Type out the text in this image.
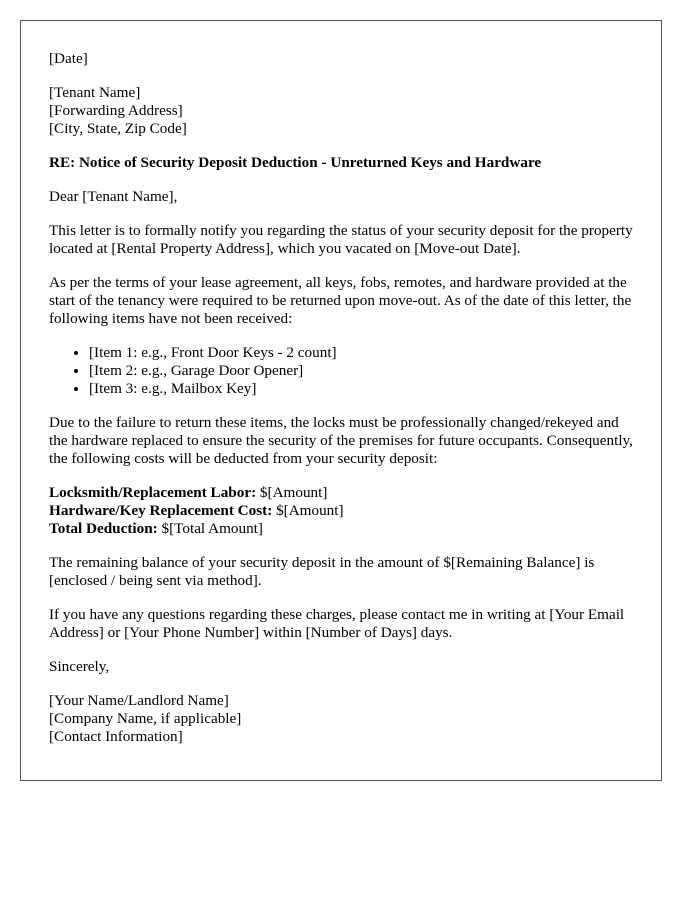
[Date]
[Tenant Name]
[Forwarding Address]
[City, State, Zip Code]
RE: Notice of Security Deposit Deduction - Unreturned Keys and Hardware
Dear [Tenant Name],
This letter is to formally notify you regarding the status of your security deposit for the property located at [Rental Property Address], which you vacated on [Move-out Date].
As per the terms of your lease agreement, all keys, fobs, remotes, and hardware provided at the start of the tenancy were required to be returned upon move-out. As of the date of this letter, the following items have not been received:
• [Item 1: e.g., Front Door Keys - 2 count]
• [Item 2: e.g., Garage Door Opener]
• [Item 3: e.g., Mailbox Key]
Due to the failure to return these items, the locks must be professionally changed/rekeyed and the hardware replaced to ensure the security of the premises for future occupants. Consequently, the following costs will be deducted from your security deposit:
Locksmith/Replacement Labor: $[Amount]
Hardware/Key Replacement Cost: $[Amount]
Total Deduction: $[Total Amount]
The remaining balance of your security deposit in the amount of $[Remaining Balance] is [enclosed / being sent via method].
If you have any questions regarding these charges, please contact me in writing at [Your Email Address] or [Your Phone Number] within [Number of Days] days.
Sincerely,
[Your Name/Landlord Name]
[Company Name, if applicable]
[Contact Information]
